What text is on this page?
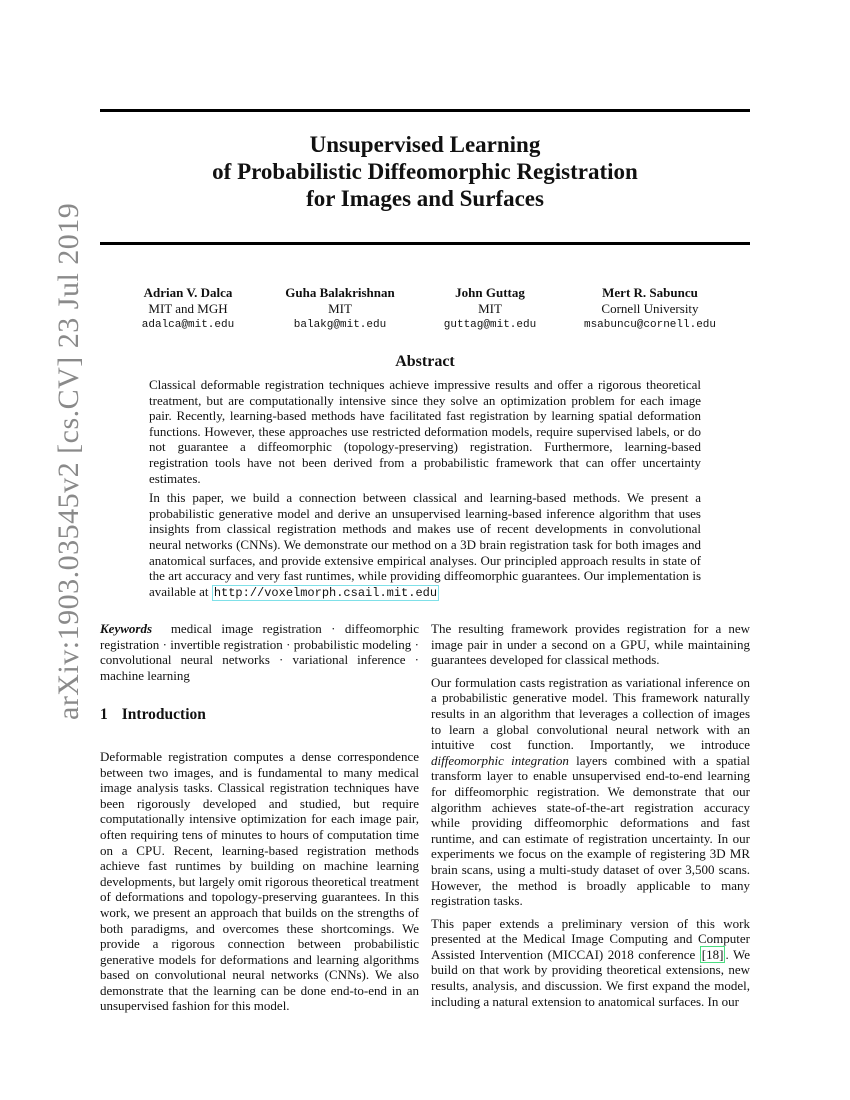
arXiv:1903.03545v2 [cs.CV] 23 Jul 2019
Unsupervised Learning
of Probabilistic Diffeomorphic Registration
for Images and Surfaces
Adrian V. Dalca
MIT and MGH
adalca@mit.edu
Guha Balakrishnan
MIT
balakg@mit.edu
John Guttag
MIT
guttag@mit.edu
Mert R. Sabuncu
Cornell University
msabuncu@cornell.edu
Abstract

Classical deformable registration techniques achieve impressive results and offer a rigorous theoretical treatment, but are computationally intensive since they solve an optimization problem for each image pair. Recently, learning-based methods have facilitated fast registration by learning spatial deformation functions. However, these approaches use restricted deformation models, require supervised labels, or do not guarantee a diffeomorphic (topology-preserving) registration. Furthermore, learning-based registration tools have not been derived from a probabilistic framework that can offer uncertainty estimates.

In this paper, we build a connection between classical and learning-based methods. We present a probabilistic generative model and derive an unsupervised learning-based inference algorithm that uses insights from classical registration methods and makes use of recent developments in convolutional neural networks (CNNs). We demonstrate our method on a 3D brain registration task for both images and anatomical surfaces, and provide extensive empirical analyses. Our principled approach results in state of the art accuracy and very fast runtimes, while providing diffeomorphic guarantees. Our implementation is available at http://voxelmorph.csail.mit.edu

Keywords medical image registration · diffeomorphic registration · invertible registration · probabilistic modeling · convolutional neural networks · variational inference · machine learning

1 Introduction

Deformable registration computes a dense correspondence between two images, and is fundamental to many medical image analysis tasks. Classical registration techniques have been rigorously developed and studied, but require computationally intensive optimization for each image pair, often requiring tens of minutes to hours of computation time on a CPU. Recent, learning-based registration methods achieve fast runtimes by building on machine learning developments, but largely omit rigorous theoretical treatment of deformations and topology-preserving guarantees. In this work, we present an approach that builds on the strengths of both paradigms, and overcomes these shortcomings. We provide a rigorous connection between probabilistic generative models for deformations and learning algorithms based on convolutional neural networks (CNNs). We also demonstrate that the learning can be done end-to-end in an unsupervised fashion for this model.

The resulting framework provides registration for a new image pair in under a second on a GPU, while maintaining guarantees developed for classical methods.

Our formulation casts registration as variational inference on a probabilistic generative model. This framework naturally results in an algorithm that leverages a collection of images to learn a global convolutional neural network with an intuitive cost function. Importantly, we introduce diffeomorphic integration layers combined with a spatial transform layer to enable unsupervised end-to-end learning for diffeomorphic registration. We demonstrate that our algorithm achieves state-of-the-art registration accuracy while providing diffeomorphic deformations and fast runtime, and can estimate of registration uncertainty. In our experiments we focus on the example of registering 3D MR brain scans, using a multi-study dataset of over 3,500 scans. However, the method is broadly applicable to many registration tasks.

This paper extends a preliminary version of this work presented at the Medical Image Computing and Computer Assisted Intervention (MICCAI) 2018 conference [18] . We build on that work by providing theoretical extensions, new results, analysis, and discussion. We first expand the model, including a natural extension to anatomical surfaces. In our
